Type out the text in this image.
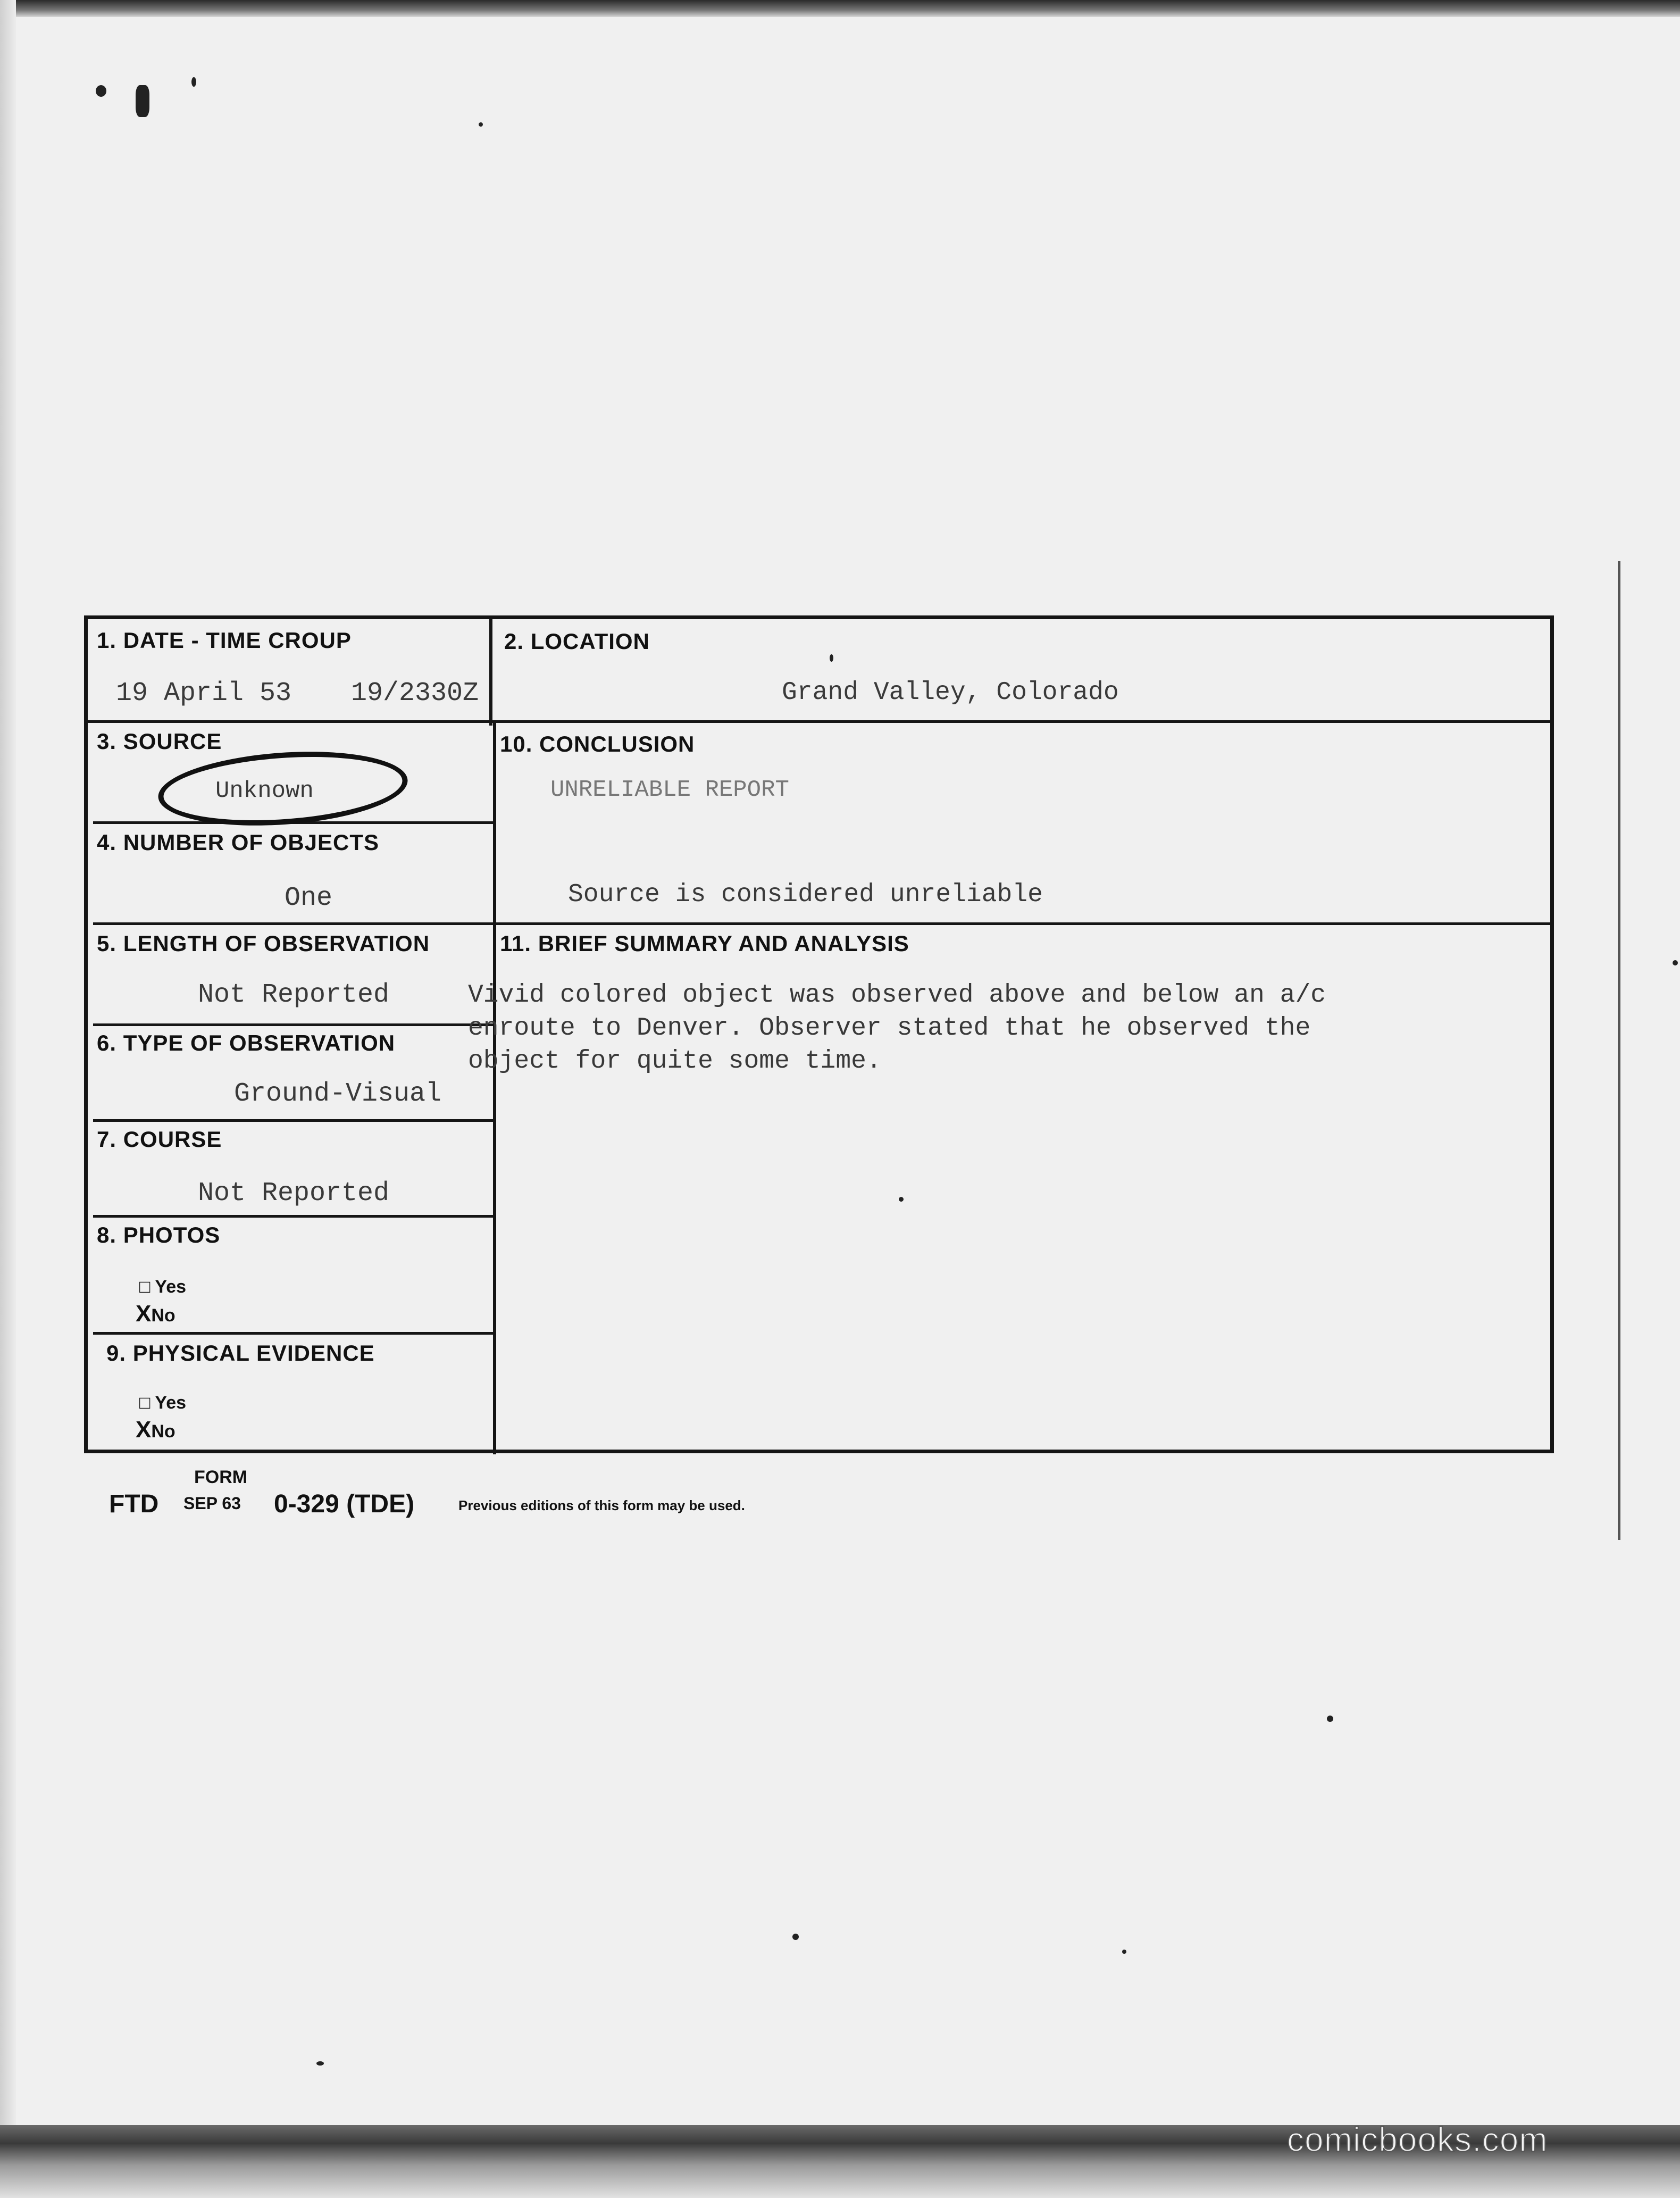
1. DATE - TIME CROUP
19 April 53 19/2330Z
3. SOURCE
Unknown
4. NUMBER OF OBJECTS
One
5. LENGTH OF OBSERVATION
Not Reported
6. TYPE OF OBSERVATION
Ground-Visual
7. COURSE
Not Reported
8. PHOTOS
□ Yes
XNo
9. PHYSICAL EVIDENCE
□ Yes
XNo
2. LOCATION
Grand Valley, Colorado
10. CONCLUSION
UNRELIABLE REPORT
Source is considered unreliable
11. BRIEF SUMMARY AND ANALYSIS
Vivid colored object was observed above and below an a/c
enroute to Denver. Observer stated that he observed the
object for quite some time.
FORM
FTD SEP 63 0-329 (TDE)	Previous editions of this form may be used.
comicbooks.com
